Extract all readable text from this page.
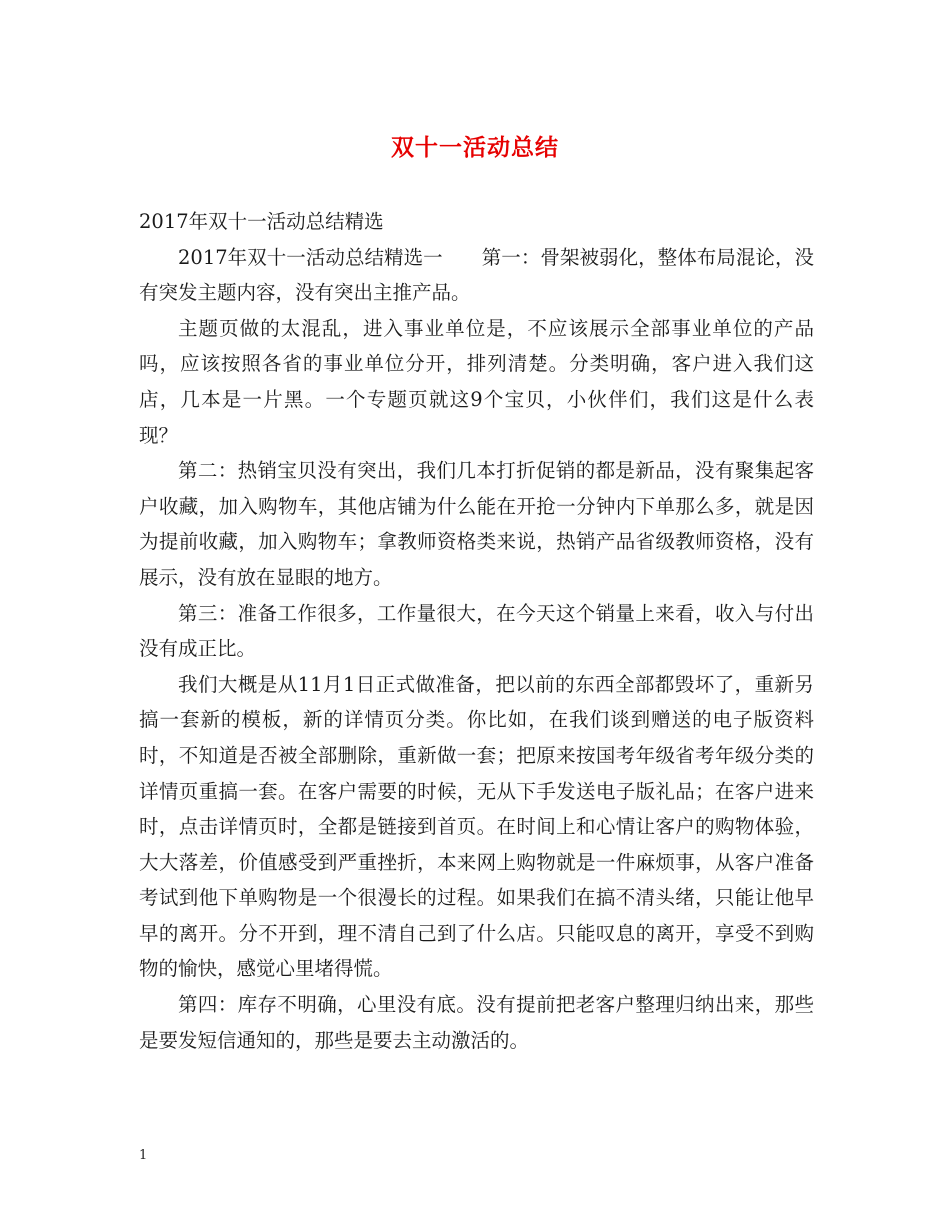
双十一活动总结

2017年双十一活动总结精选

2017年双十一活动总结精选一　　第一：骨架被弱化，整体布局混论，没有突发主题内容，没有突出主推产品。

主题页做的太混乱，进入事业单位是，不应该展示全部事业单位的产品吗，应该按照各省的事业单位分开，排列清楚。分类明确，客户进入我们这店，几本是一片黑。一个专题页就这9个宝贝，小伙伴们，我们这是什么表现？

第二：热销宝贝没有突出，我们几本打折促销的都是新品，没有聚集起客户收藏，加入购物车，其他店铺为什么能在开抢一分钟内下单那么多，就是因为提前收藏，加入购物车；拿教师资格类来说，热销产品省级教师资格，没有展示，没有放在显眼的地方。

第三：准备工作很多，工作量很大，在今天这个销量上来看，收入与付出没有成正比。

我们大概是从11月1日正式做准备，把以前的东西全部都毁坏了，重新另搞一套新的模板，新的详情页分类。你比如，在我们谈到赠送的电子版资料时，不知道是否被全部删除，重新做一套；把原来按国考年级省考年级分类的详情页重搞一套。在客户需要的时候，无从下手发送电子版礼品；在客户进来时，点击详情页时，全都是链接到首页。在时间上和心情让客户的购物体验，大大落差，价值感受到严重挫折，本来网上购物就是一件麻烦事，从客户准备考试到他下单购物是一个很漫长的过程。如果我们在搞不清头绪，只能让他早早的离开。分不开到，理不清自己到了什么店。只能叹息的离开，享受不到购物的愉快，感觉心里堵得慌。

第四：库存不明确，心里没有底。没有提前把老客户整理归纳出来，那些是要发短信通知的，那些是要去主动激活的。

1
